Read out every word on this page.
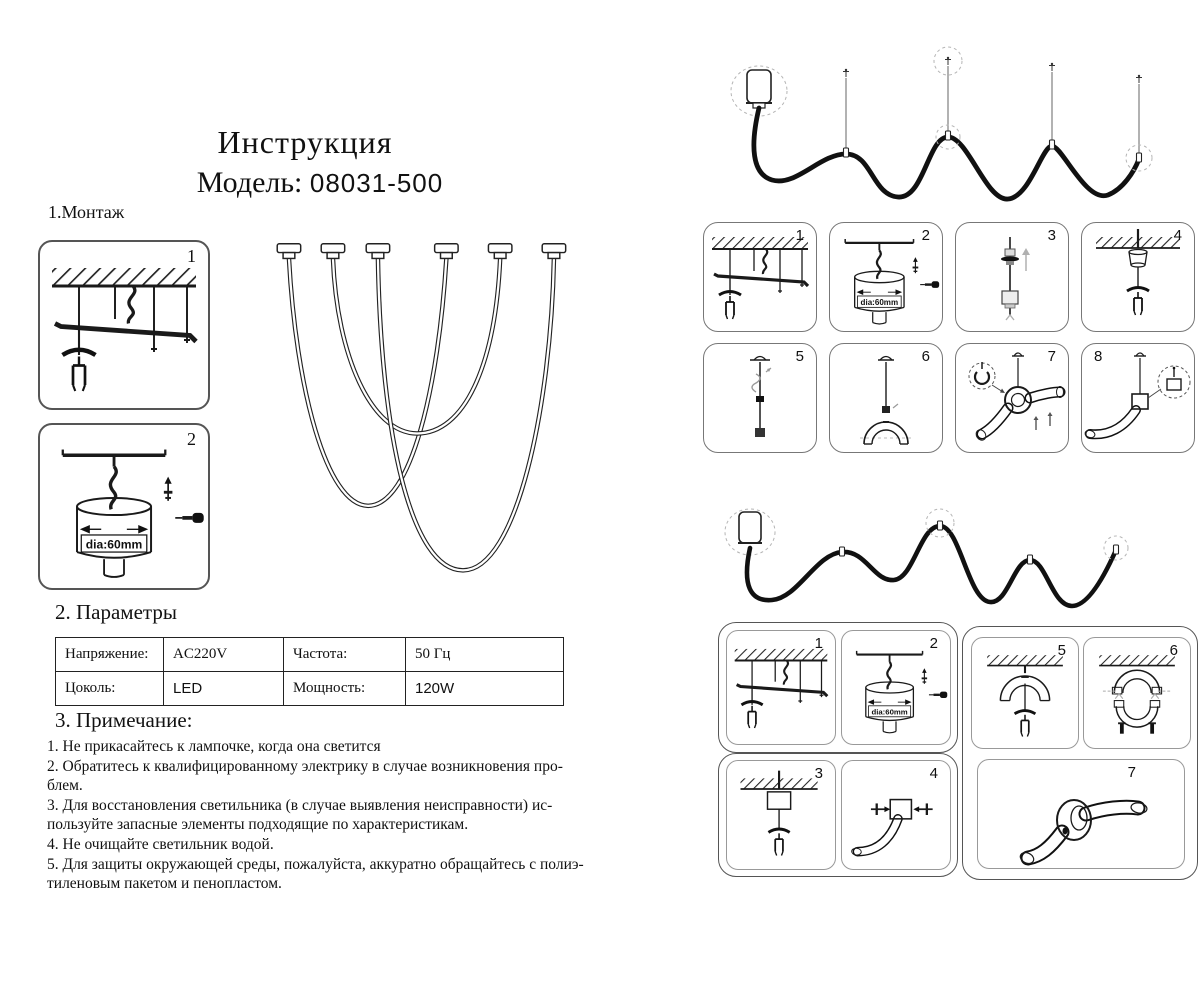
Инструкция
Модель: 08031-500
1.Монтаж
1
2
2. Параметры
Напряжение:	AC220V	Частота:	50 Гц
Цоколь:	LED	Мощность:	120W
3. Примечание:
1. Не прикасайтесь к лампочке, когда она светится
2. Обратитесь к квалифицированному электрику в случае возникновения про-
блем.
3. Для восстановления светильника (в случае выявления неисправности) ис-
пользуйте запасные элементы подходящие по характеристикам.
4. Не очищайте светильник водой.
5. Для защиты окружающей среды, пожалуйста, аккуратно обращайтесь с полиэ-
тиленовым пакетом и пенопластом.
1	2	3	4
5	6	7	8
1	2
3	4
5	6
7
